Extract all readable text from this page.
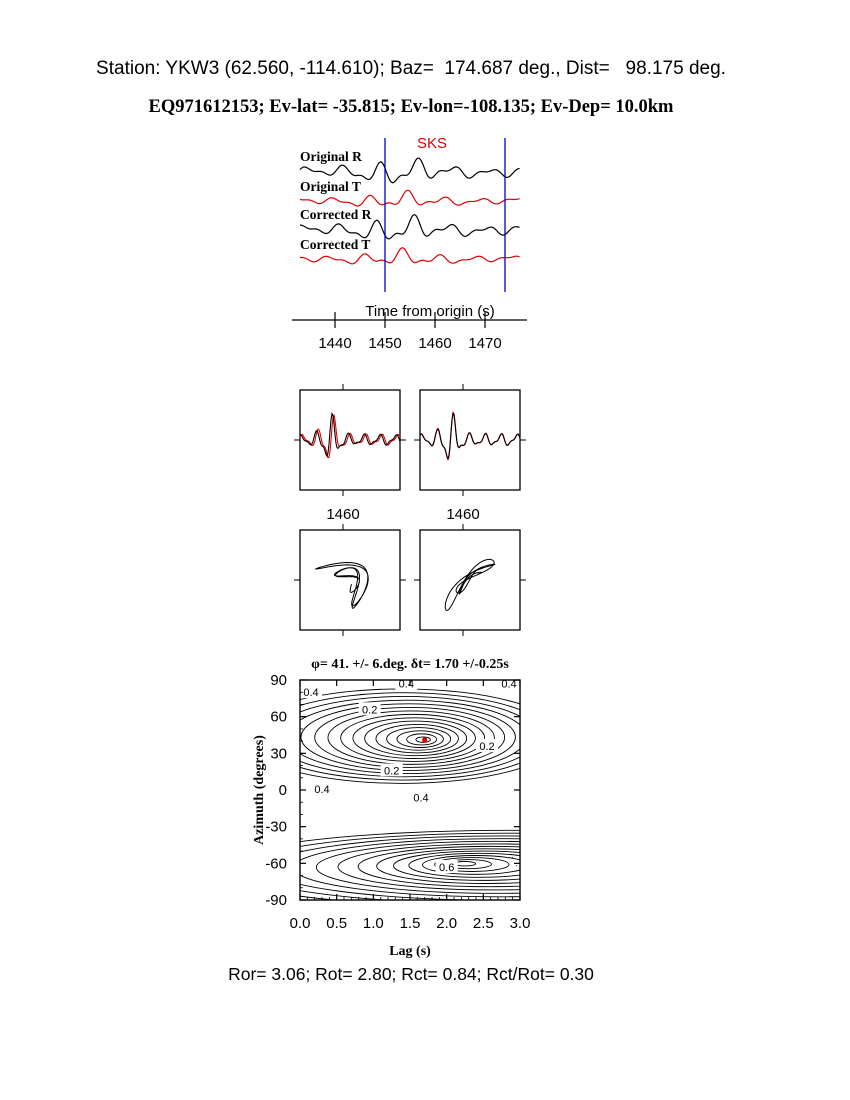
Station: YKW3 (62.560, -114.610); Baz=  174.687 deg., Dist=   98.175 deg.
EQ971612153; Ev-lat= -35.815; Ev-lon=-108.135; Ev-Dep= 10.0km
SKS
Original R
Original T
Corrected R
Corrected T
Time from origin (s)
1440 1450 1460 1470
1460	1460
φ= 41. +/- 6.deg. δt= 1.70 +/-0.25s
0.4
0.4	0.4
0.2
0.2
0.2
0.4
0.4
0.6
0.0 0.5 1.0 1.5 2.0 2.5 3.0
90
60
30
0
-30
-60
-90
Lag (s)
Azimuth (degrees)
Ror= 3.06; Rot= 2.80; Rct= 0.84; Rct/Rot= 0.30
